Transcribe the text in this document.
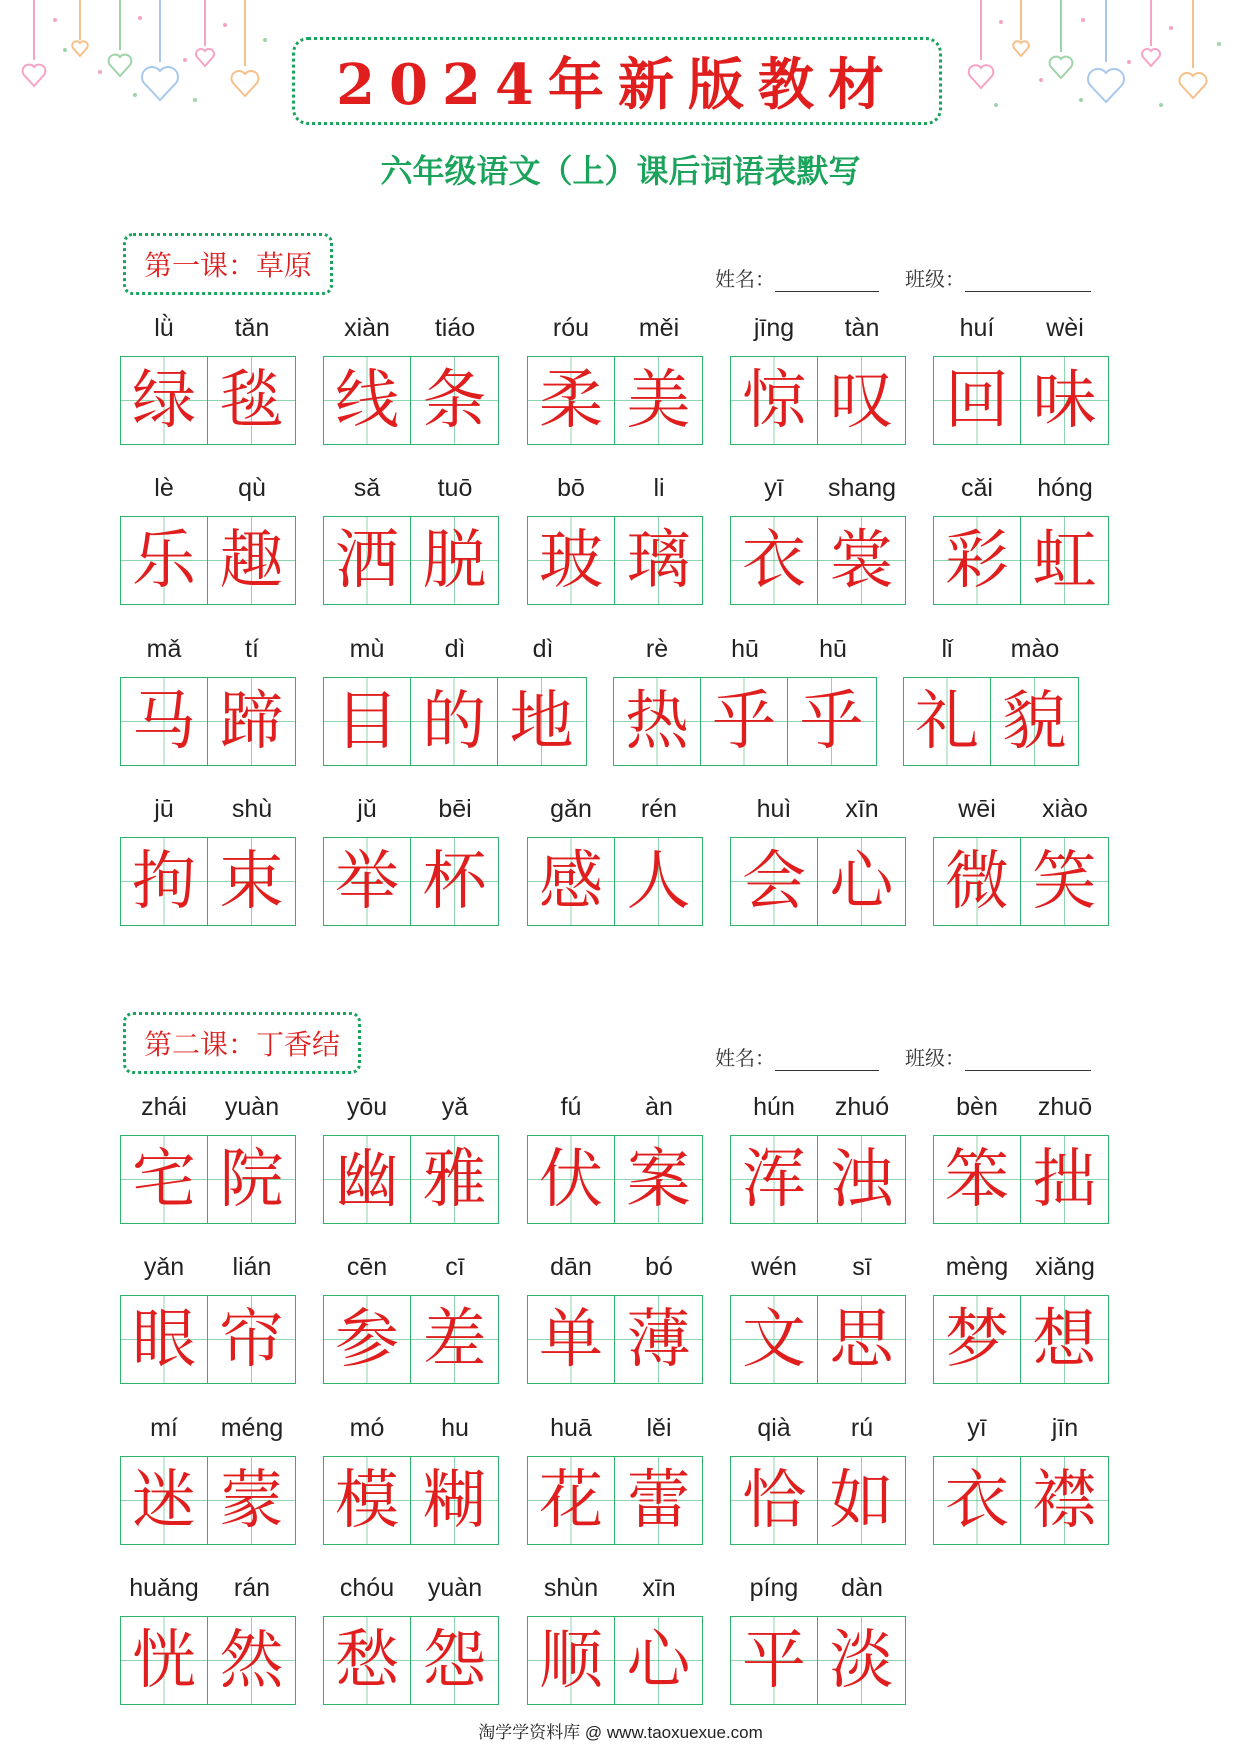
2024年新版教材
六年级语文（上）课后词语表默写
第一课：草原	姓名：	班级：
第二课：丁香结	姓名：	班级：
lǜ	tǎn
绿 毯
xiàn	tiáo
线 条
róu	měi
柔 美
jīng	tàn
惊 叹
huí	wèi
回 味
lè	qù
乐 趣
sǎ	tuō
洒 脱
bō	li
玻 璃
yī	shang
衣 裳
cǎi	hóng
彩 虹
mǎ	tí
马 蹄
mù	dì	dì
目 的 地
rè	hū	hū
热 乎 乎
lǐ	mào
礼 貌
jū	shù
拘 束
jǔ	bēi
举 杯
gǎn	rén
感 人
huì	xīn
会 心
wēi	xiào
微 笑
zhái	yuàn
宅 院
yōu	yǎ
幽 雅
fú	àn
伏 案
hún	zhuó
浑 浊
bèn	zhuō
笨 拙
yǎn	lián
眼 帘
cēn	cī
参 差
dān	bó
单 薄
wén	sī
文 思
mèng	xiǎng
梦 想
mí	méng
迷 蒙
mó	hu
模 糊
huā	lěi
花 蕾
qià	rú
恰 如
yī	jīn
衣 襟
huǎng	rán
恍 然
chóu	yuàn
愁 怨
shùn	xīn
顺 心
píng	dàn
平 淡
淘学学资料库 @ www.taoxuexue.com
